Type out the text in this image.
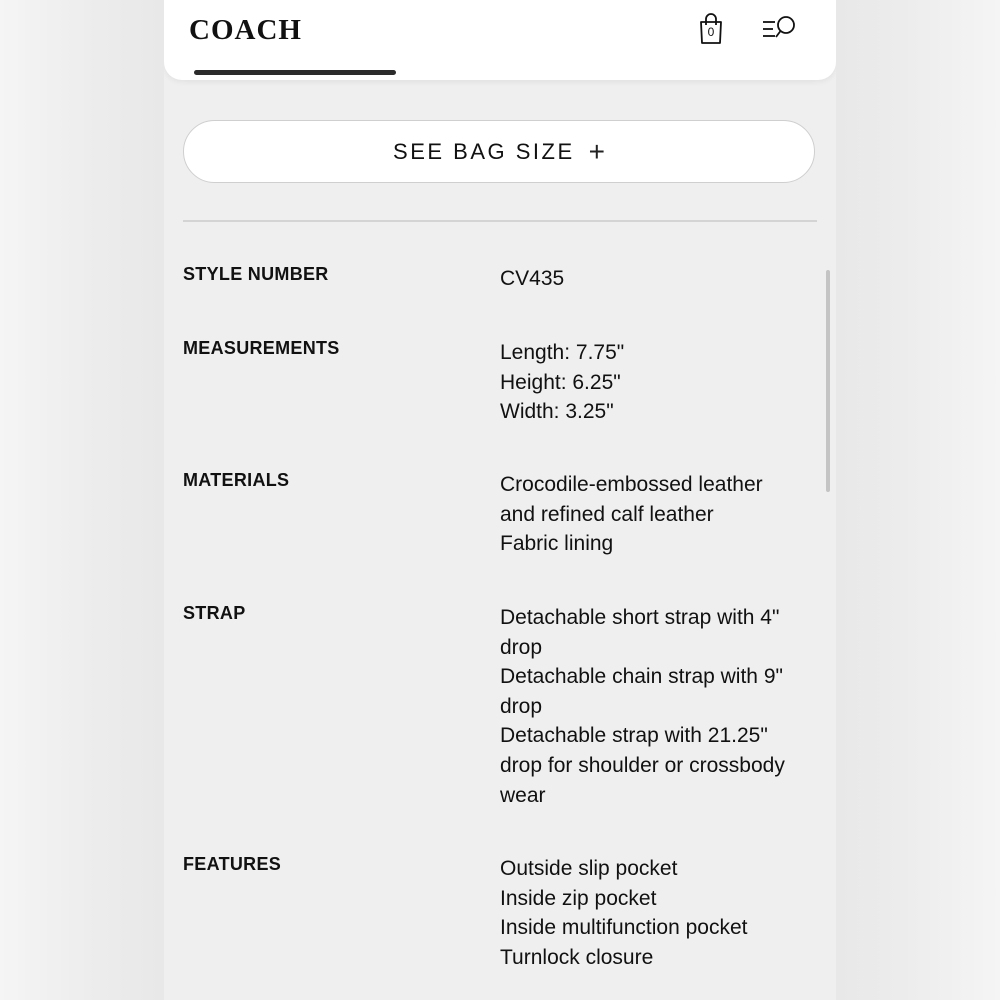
COACH	0
SEE BAG SIZE +
STYLE NUMBER	CV435
MEASUREMENTS	Length: 7.75"
Height: 6.25"
Width: 3.25"
MATERIALS	Crocodile-embossed leather
and refined calf leather
Fabric lining
STRAP	Detachable short strap with 4"
drop
Detachable chain strap with 9"
drop
Detachable strap with 21.25"
drop for shoulder or crossbody
wear
FEATURES	Outside slip pocket
Inside zip pocket
Inside multifunction pocket
Turnlock closure
